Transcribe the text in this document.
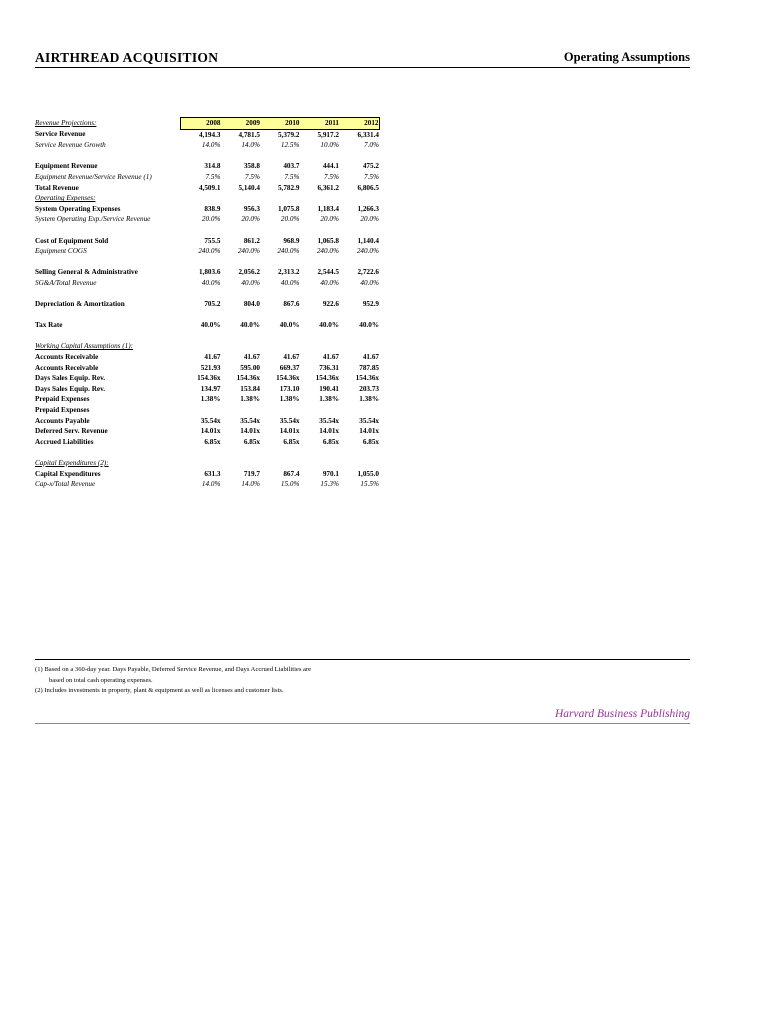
AIRTHREAD ACQUISITION	Operating Assumptions
Revenue Projections:	2008	2009	2010	2011	2012
Service Revenue	4,194.3	4,781.5	5,379.2	5,917.2	6,331.4
Service Revenue Growth	14.0%	14.0%	12.5%	10.0%	7.0%

Equipment Revenue	314.8	358.8	403.7	444.1	475.2
Equipment Revenue/Service Revenue (1)	7.5%	7.5%	7.5%	7.5%	7.5%
Total Revenue	4,509.1	5,140.4	5,782.9	6,361.2	6,806.5
Operating Expenses:					
System Operating Expenses	838.9	956.3	1,075.8	1,183.4	1,266.3
System Operating Exp./Service Revenue	20.0%	20.0%	20.0%	20.0%	20.0%

Cost of Equipment Sold	755.5	861.2	968.9	1,065.8	1,140.4
Equipment COGS	240.0%	240.0%	240.0%	240.0%	240.0%

Selling General & Administrative	1,803.6	2,056.2	2,313.2	2,544.5	2,722.6
SG&A/Total Revenue	40.0%	40.0%	40.0%	40.0%	40.0%

Depreciation & Amortization	705.2	804.0	867.6	922.6	952.9

Tax Rate	40.0%	40.0%	40.0%	40.0%	40.0%

Working Capital Assumptions (1):					
Accounts Receivable	41.67	41.67	41.67	41.67	41.67
Accounts Receivable	521.93	595.00	669.37	736.31	787.85
Days Sales Equip. Rev.	154.36x	154.36x	154.36x	154.36x	154.36x
Days Sales Equip. Rev.	134.97	153.84	173.10	190.41	203.73
Prepaid Expenses	1.38%	1.38%	1.38%	1.38%	1.38%
Prepaid Expenses					
Accounts Payable	35.54x	35.54x	35.54x	35.54x	35.54x
Deferred Serv. Revenue	14.01x	14.01x	14.01x	14.01x	14.01x
Accrued Liabilities	6.85x	6.85x	6.85x	6.85x	6.85x

Capital Expenditures (2):					
Capital Expenditures	631.3	719.7	867.4	970.1	1,055.0
Cap-x/Total Revenue	14.0%	14.0%	15.0%	15.3%	15.5%
(1) Based on a 360-day year. Days Payable, Deferred Service Revenue, and Days Accrued Liabilities are
based on total cash operating expenses.
(2) Includes investments in property, plant & equipment as well as licenses and customer lists.
Harvard Business Publishing
